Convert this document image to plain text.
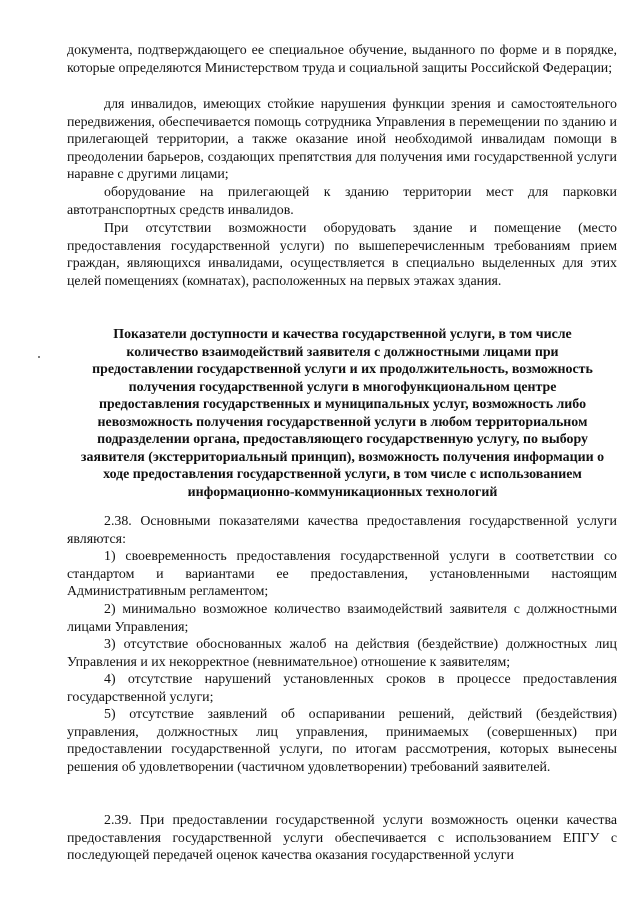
документа, подтверждающего ее специальное обучение, выданного по форме и в порядке, которые определяются Министерством труда и социальной защиты Российской Федерации;
для инвалидов, имеющих стойкие нарушения функции зрения и самостоятельного передвижения, обеспечивается помощь сотрудника Управления в перемещении по зданию и прилегающей территории, а также оказание иной необходимой инвалидам помощи в преодолении барьеров, создающих препятствия для получения ими государственной услуги наравне с другими лицами;
оборудование на прилегающей к зданию территории мест для парковки автотранспортных средств инвалидов.
При отсутствии возможности оборудовать здание и помещение (место предоставления государственной услуги) по вышеперечисленным требованиям прием граждан, являющихся инвалидами, осуществляется в специально выделенных для этих целей помещениях (комнатах), расположенных на первых этажах здания.
Показатели доступности и качества государственной услуги, в том числе количество взаимодействий заявителя с должностными лицами при предоставлении государственной услуги и их продолжительность, возможность получения государственной услуги в многофункциональном центре предоставления государственных и муниципальных услуг, возможность либо невозможность получения государственной услуги в любом территориальном подразделении органа, предоставляющего государственную услугу, по выбору заявителя (экстерриториальный принцип), возможность получения информации о ходе предоставления государственной услуги, в том числе с использованием информационно-коммуникационных технологий
2.38. Основными показателями качества предоставления государственной услуги являются:
1) своевременность предоставления государственной услуги в соответствии со стандартом и вариантами ее предоставления, установленными настоящим Административным регламентом;
2) минимально возможное количество взаимодействий заявителя с должностными лицами Управления;
3) отсутствие обоснованных жалоб на действия (бездействие) должностных лиц Управления и их некорректное (невнимательное) отношение к заявителям;
4) отсутствие нарушений установленных сроков в процессе предоставления государственной услуги;
5) отсутствие заявлений об оспаривании решений, действий (бездействия) управления, должностных лиц управления, принимаемых (совершенных) при предоставлении государственной услуги, по итогам рассмотрения, которых вынесены решения об удовлетворении (частичном удовлетворении) требований заявителей.
2.39. При предоставлении государственной услуги возможность оценки качества предоставления государственной услуги обеспечивается с использованием ЕПГУ с последующей передачей оценок качества оказания государственной услуги
